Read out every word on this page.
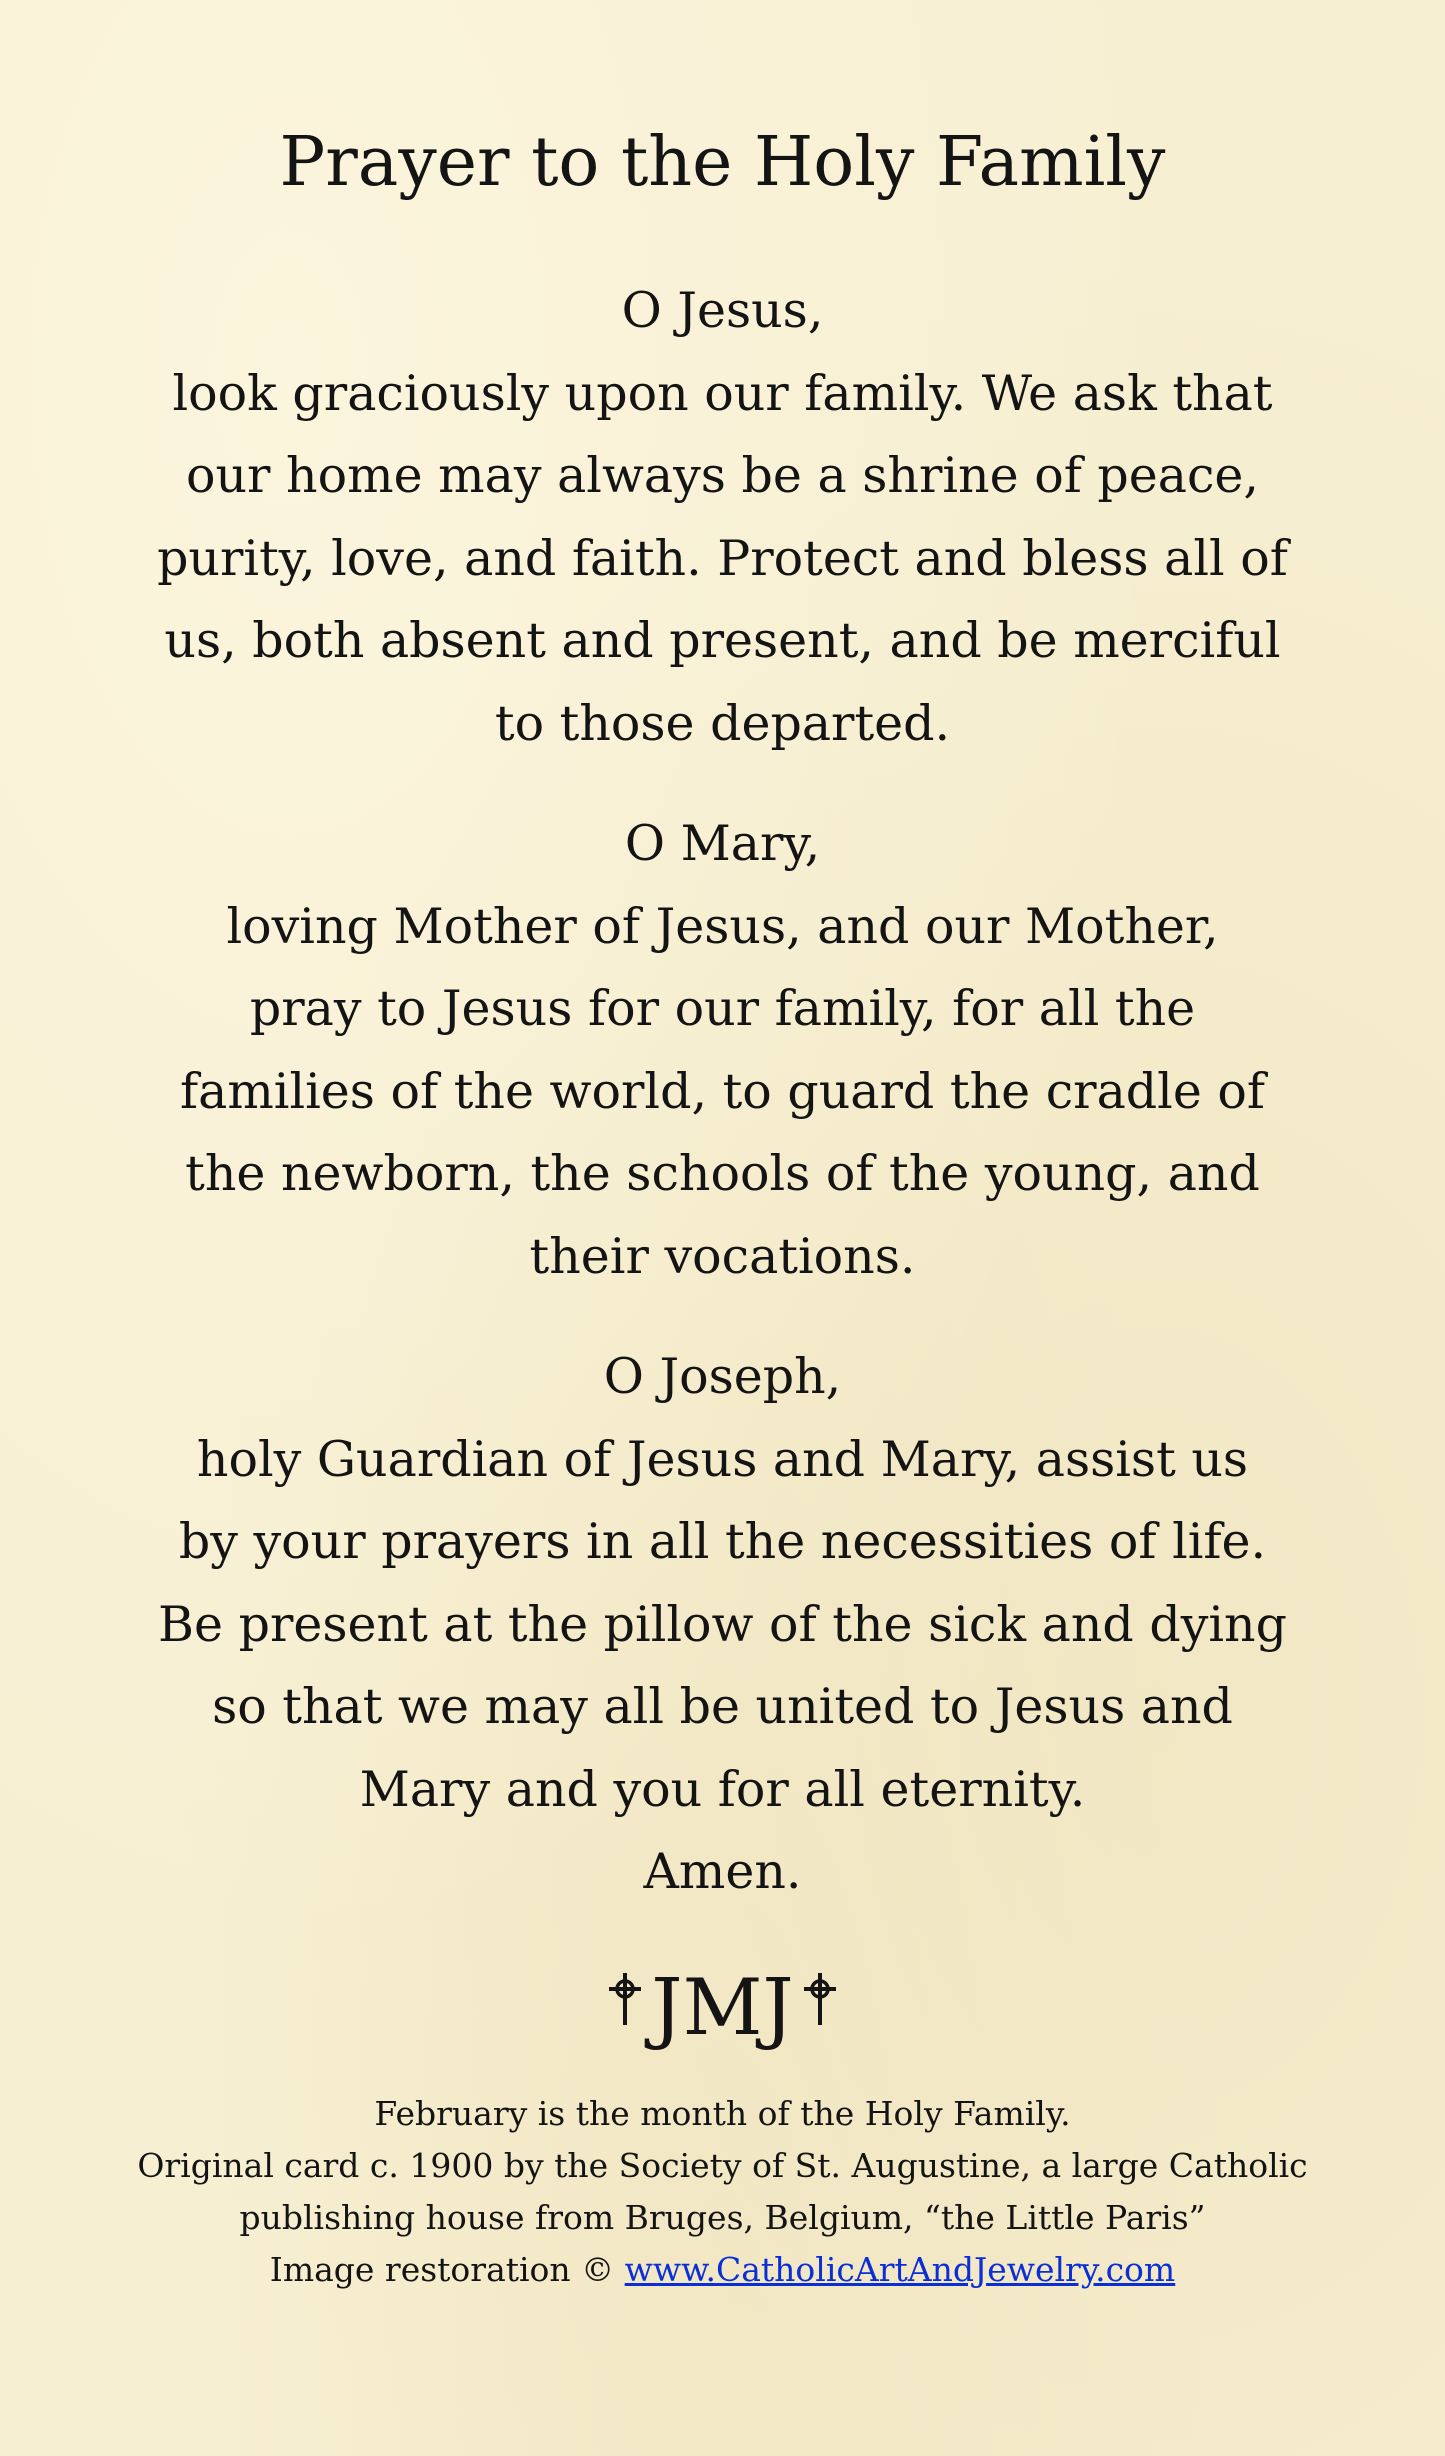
Prayer to the Holy Family

O Jesus,

look graciously upon our family. We ask that

our home may always be a shrine of peace,

purity, love, and faith. Protect and bless all of

us, both absent and present, and be merciful

to those departed.

O Mary,

loving Mother of Jesus, and our Mother,

pray to Jesus for our family, for all the

families of the world, to guard the cradle of

the newborn, the schools of the young, and

their vocations.

O Joseph,

holy Guardian of Jesus and Mary, assist us

by your prayers in all the necessities of life.

Be present at the pillow of the sick and dying

so that we may all be united to Jesus and

Mary and you for all eternity.

Amen.

JMJ

February is the month of the Holy Family.

Original card c. 1900 by the Society of St. Augustine, a large Catholic

publishing house from Bruges, Belgium, “the Little Paris”

Image restoration © www.CatholicArtAndJewelry.com
